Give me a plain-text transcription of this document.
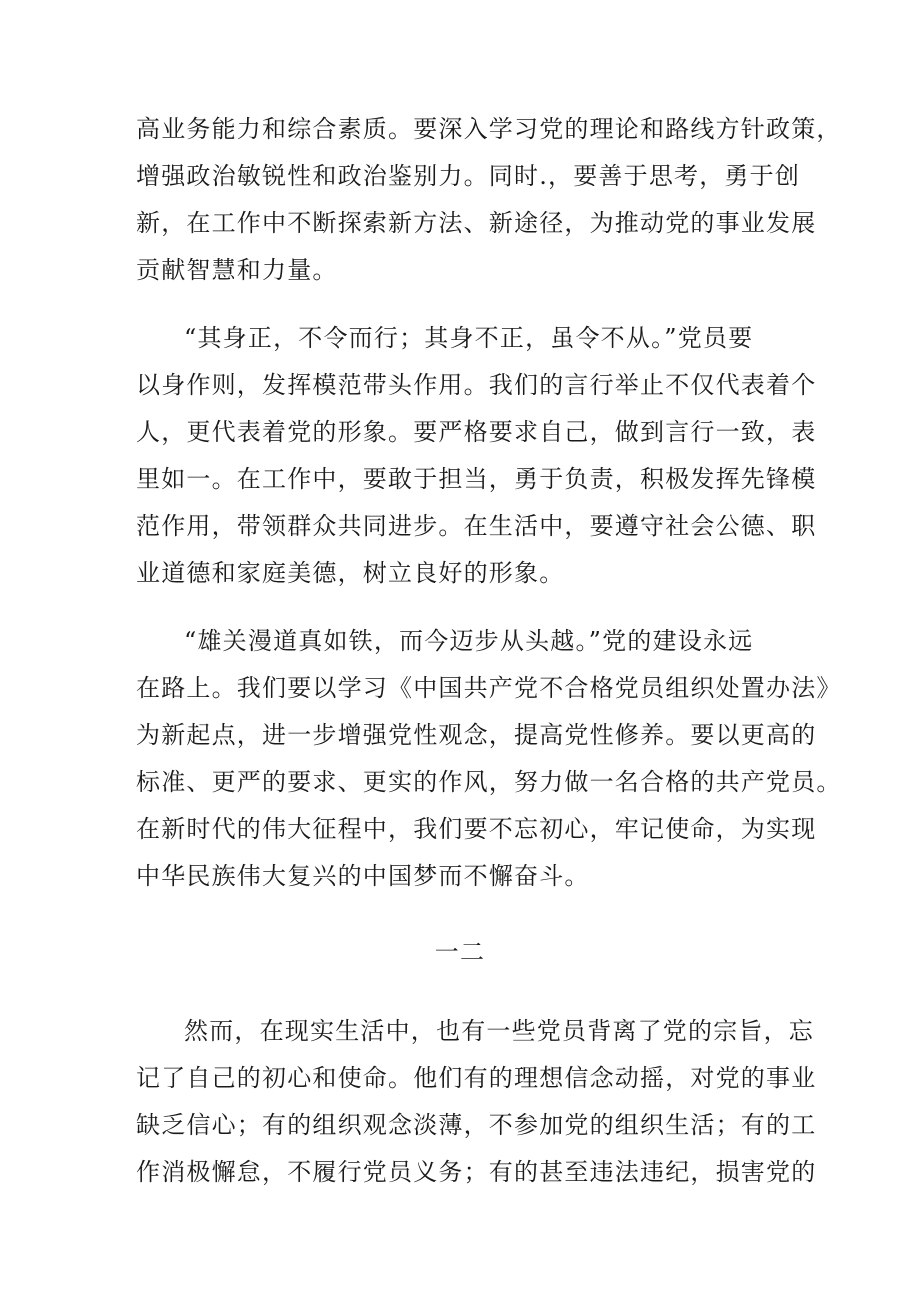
高业务能力和综合素质。要深入学习党的理论和路线方针政策，
增强政治敏锐性和政治鉴别力。同时.，要善于思考，勇于创
新，在工作中不断探索新方法、新途径，为推动党的事业发展
贡献智慧和力量。
“其身正，不令而行；其身不正，虽令不从。”党员要
以身作则，发挥模范带头作用。我们的言行举止不仅代表着个
人，更代表着党的形象。要严格要求自己，做到言行一致，表
里如一。在工作中，要敢于担当，勇于负责，积极发挥先锋模
范作用，带领群众共同进步。在生活中，要遵守社会公德、职
业道德和家庭美德，树立良好的形象。
“雄关漫道真如铁，而今迈步从头越。”党的建设永远
在路上。我们要以学习《中国共产党不合格党员组织处置办法》
为新起点，进一步增强党性观念，提高党性修养。要以更高的
标准、更严的要求、更实的作风，努力做一名合格的共产党员。
在新时代的伟大征程中，我们要不忘初心，牢记使命，为实现
中华民族伟大复兴的中国梦而不懈奋斗。
一二
然而，在现实生活中，也有一些党员背离了党的宗旨，忘
记了自己的初心和使命。他们有的理想信念动摇，对党的事业
缺乏信心；有的组织观念淡薄，不参加党的组织生活；有的工
作消极懈怠，不履行党员义务；有的甚至违法违纪，损害党的
